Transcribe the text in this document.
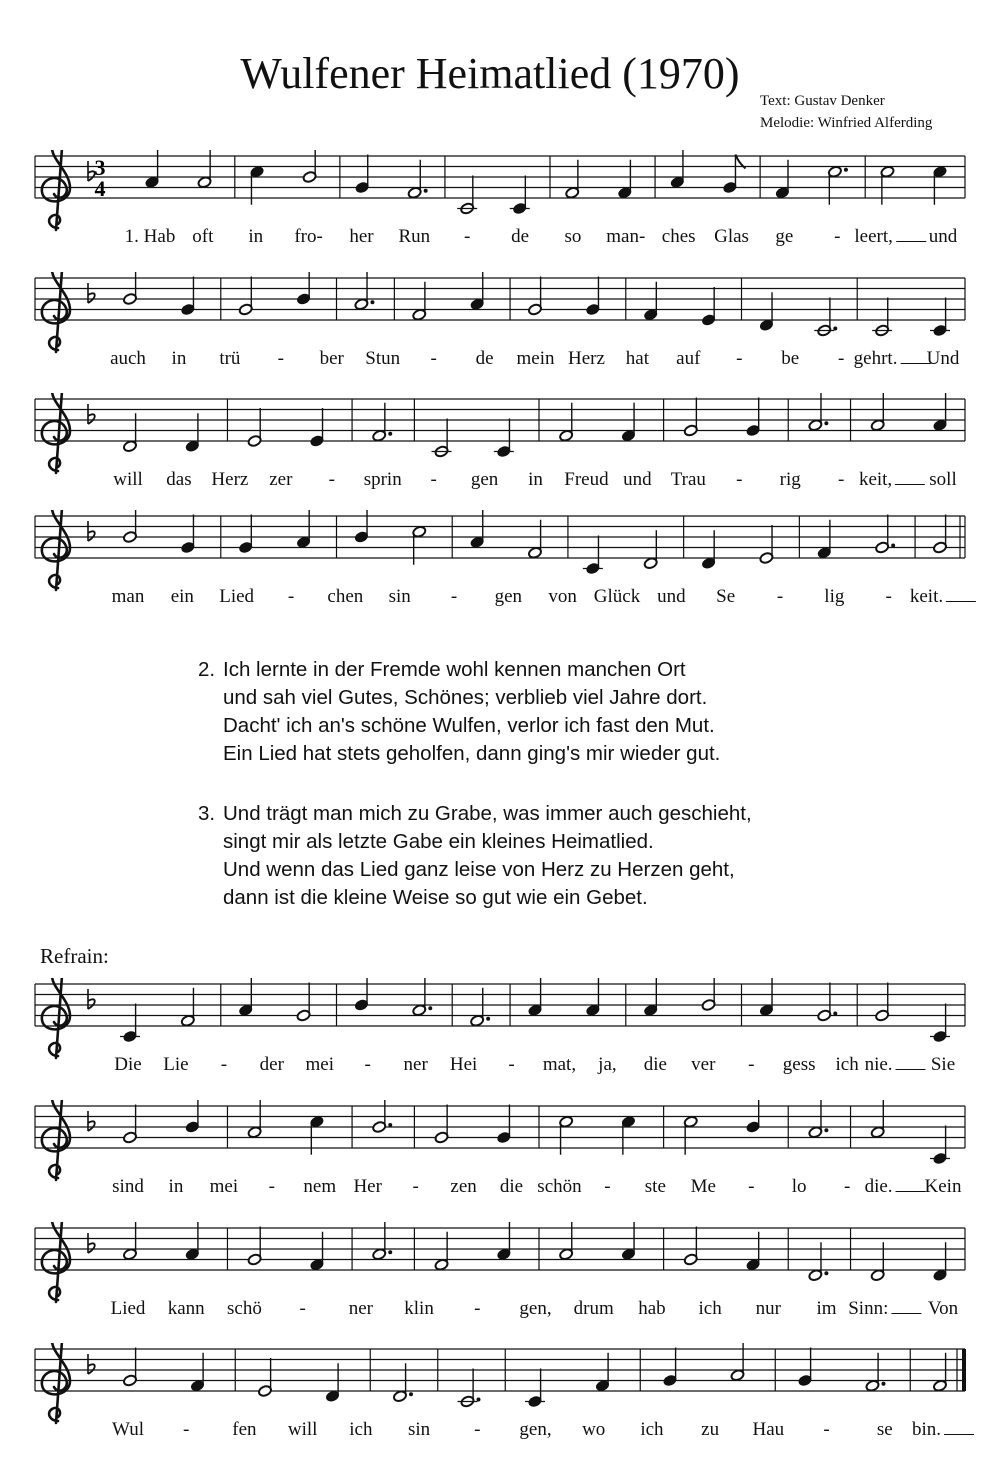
Wulfener Heimatlied (1970)
Text: Gustav Denker
Melodie: Winfried Alferding
3
4
1. Hab oft in fro- her Run - de so man- ches Glas ge - leert,	und
auch in trü - ber Stun - de mein Herz hat auf - be - gehrt.	Und
will das Herz zer - sprin - gen in Freud und Trau - rig - keit,	soll
man ein Lied - chen sin - gen von Glück und Se - lig - keit.
2. Ich lernte in der Fremde wohl kennen manchen Ort
und sah viel Gutes, Schönes; verblieb viel Jahre dort.
Dacht' ich an's schöne Wulfen, verlor ich fast den Mut.
Ein Lied hat stets geholfen, dann ging's mir wieder gut.
3. Und trägt man mich zu Grabe, was immer auch geschieht,
singt mir als letzte Gabe ein kleines Heimatlied.
Und wenn das Lied ganz leise von Herz zu Herzen geht,
dann ist die kleine Weise so gut wie ein Gebet.
Refrain:
Die Lie - der mei - ner Hei - mat, ja, die ver - gess ich nie.	Sie
sind in mei - nem Her - zen die schön - ste Me - lo - die.	Kein
Lied kann schö - ner klin - gen, drum hab ich nur im Sinn:	Von
Wul - fen will ich sin - gen, wo ich zu Hau - se bin.
